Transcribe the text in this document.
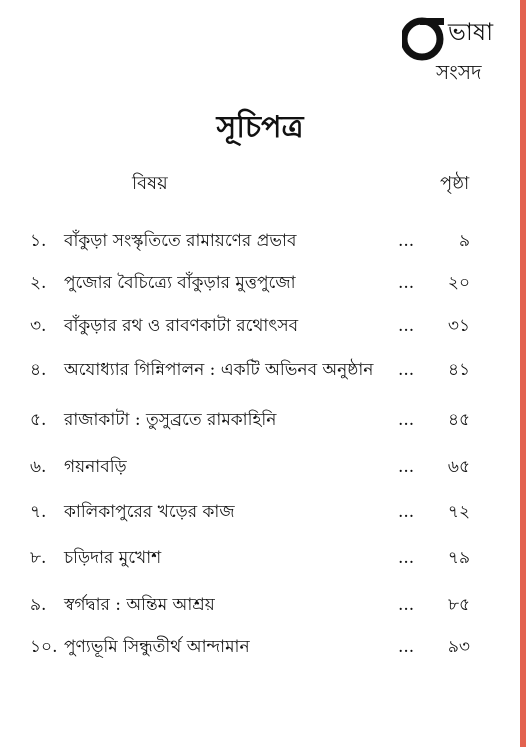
ভাষা
সংসদ
সূচিপত্র
বিষয়	পৃষ্ঠা
১. বাঁকুড়া সংস্কৃতিতে রামায়ণের প্রভাব	...	৯
২. পুজোর বৈচিত্র্যে বাঁকুড়ার মুত্তপুজো	... ২০
৩. বাঁকুড়ার রথ ও রাবণকাটা রথোৎসব	... ৩১
৪. অযোধ্যার গিন্নিপালন : একটি অভিনব অনুষ্ঠান ... ৪১
৫. রাজাকাটা : তুসুব্রতে রামকাহিনি	... ৪৫
৬. গয়নাবড়ি	... ৬৫
৭. কালিকাপুরের খড়ের কাজ	... ৭২
৮. চড়িদার মুখোশ	... ৭৯
৯. স্বর্গদ্বার : অন্তিম আশ্রয়	... ৮৫
১০. পুণ্যভূমি সিন্ধুতীর্থ আন্দামান	... ৯৩
